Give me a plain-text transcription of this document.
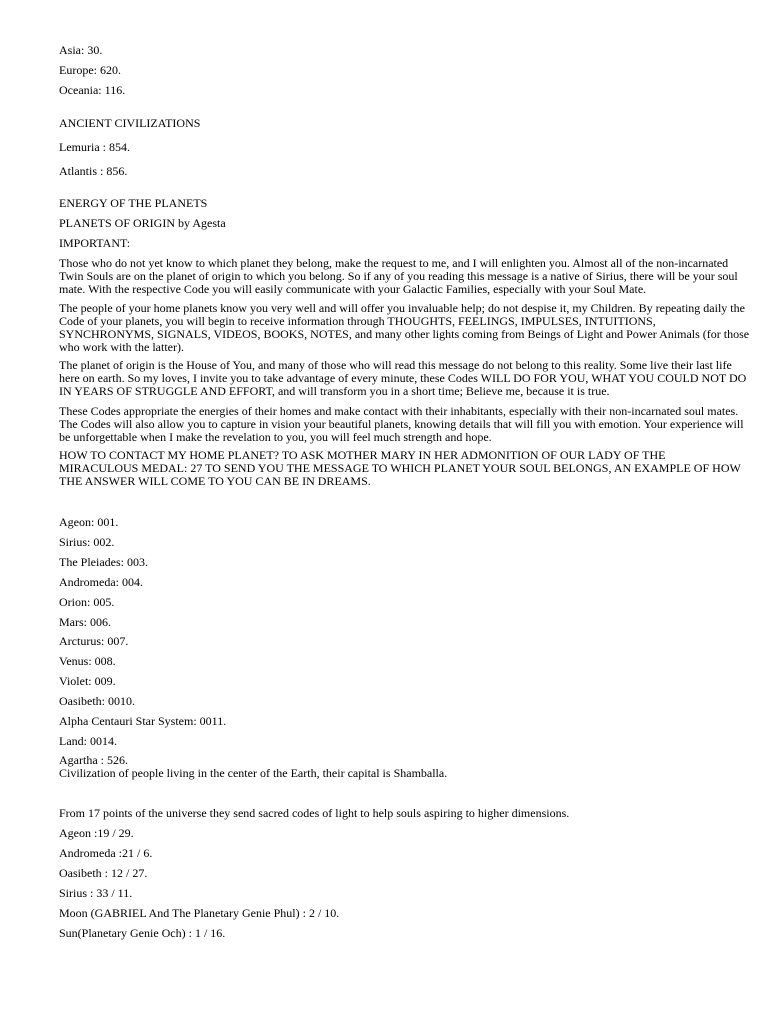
Asia: 30.

Europe: 620.

Oceania: 116.

ANCIENT CIVILIZATIONS

Lemuria : 854.

Atlantis : 856.

ENERGY OF THE PLANETS

PLANETS OF ORIGIN by Agesta

IMPORTANT:

Those who do not yet know to which planet they belong, make the request to me, and I will enlighten you. Almost all of the non-incarnated
Twin Souls are on the planet of origin to which you belong. So if any of you reading this message is a native of Sirius, there will be your soul
mate. With the respective Code you will easily communicate with your Galactic Families, especially with your Soul Mate.
The people of your home planets know you very well and will offer you invaluable help; do not despise it, my Children. By repeating daily the
Code of your planets, you will begin to receive information through THOUGHTS, FEELINGS, IMPULSES, INTUITIONS,
SYNCHRONYMS, SIGNALS, VIDEOS, BOOKS, NOTES, and many other lights coming from Beings of Light and Power Animals (for those
who work with the latter).
The planet of origin is the House of You, and many of those who will read this message do not belong to this reality. Some live their last life
here on earth. So my loves, I invite you to take advantage of every minute, these Codes WILL DO FOR YOU, WHAT YOU COULD NOT DO
IN YEARS OF STRUGGLE AND EFFORT, and will transform you in a short time; Believe me, because it is true.
These Codes appropriate the energies of their homes and make contact with their inhabitants, especially with their non-incarnated soul mates.
The Codes will also allow you to capture in vision your beautiful planets, knowing details that will fill you with emotion. Your experience will
be unforgettable when I make the revelation to you, you will feel much strength and hope.
HOW TO CONTACT MY HOME PLANET? TO ASK MOTHER MARY IN HER ADMONITION OF OUR LADY OF THE
MIRACULOUS MEDAL: 27 TO SEND YOU THE MESSAGE TO WHICH PLANET YOUR SOUL BELONGS, AN EXAMPLE OF HOW
THE ANSWER WILL COME TO YOU CAN BE IN DREAMS.

Ageon: 001.

Sirius: 002.

The Pleiades: 003.

Andromeda: 004.

Orion: 005.

Mars: 006.

Arcturus: 007.

Venus: 008.

Violet: 009.

Oasibeth: 0010.

Alpha Centauri Star System: 0011.

Land: 0014.

Agartha : 526.

Civilization of people living in the center of the Earth, their capital is Shamballa.

From 17 points of the universe they send sacred codes of light to help souls aspiring to higher dimensions.

Ageon :19 / 29.

Andromeda :21 / 6.

Oasibeth : 12 / 27.

Sirius : 33 / 11.

Moon (GABRIEL And The Planetary Genie Phul) : 2 / 10.

Sun(Planetary Genie Och) : 1 / 16.
